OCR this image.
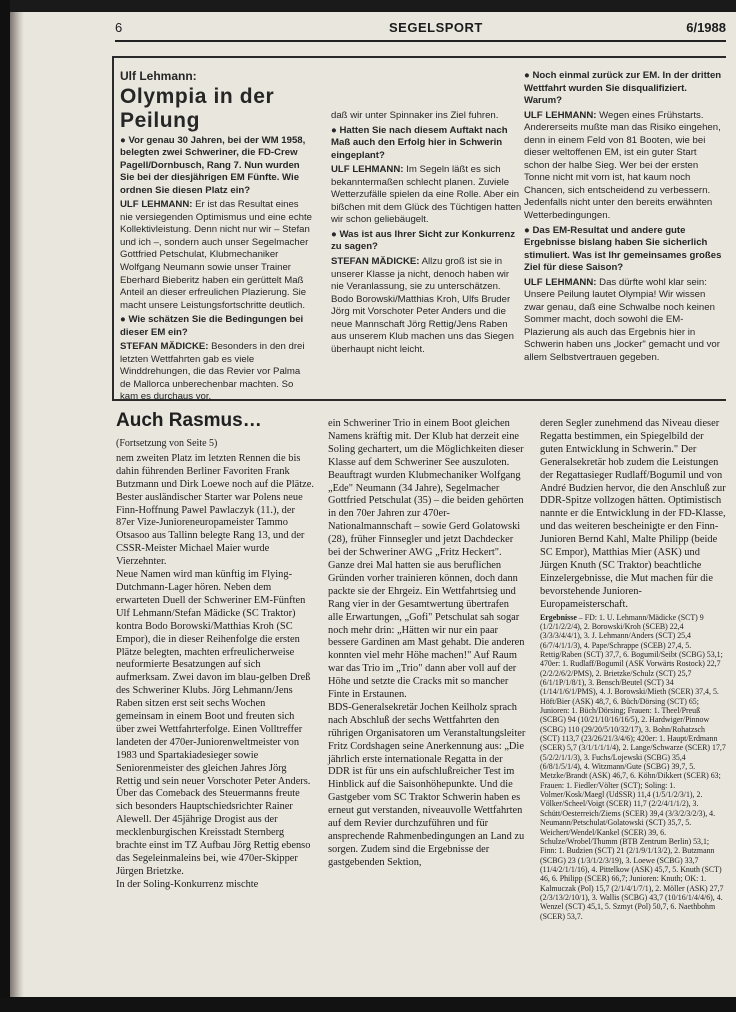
6	SEGELSPORT	6/1988

Ulf Lehmann:

Olympia in der Peilung

● Vor genau 30 Jahren, bei der WM 1958, belegten zwei Schweriner, die FD-Crew Pagell/Dornbusch, Rang 7. Nun wurden Sie bei der diesjährigen EM Fünfte. Wie ordnen Sie diesen Platz ein?

ULF LEHMANN: Er ist das Resultat eines nie versiegenden Optimismus und eine echte Kollektivleistung. Denn nicht nur wir – Stefan und ich –, sondern auch unser Segelmacher Gottfried Petschulat, Klubmechaniker Wolfgang Neumann sowie unser Trainer Eberhard Bieberitz haben ein gerüttelt Maß Anteil an dieser erfreulichen Plazierung. Sie macht unsere Leistungsfortschritte deutlich.

● Wie schätzen Sie die Bedingungen bei dieser EM ein?

STEFAN MÄDICKE: Besonders in den drei letzten Wettfahrten gab es viele Winddrehungen, die das Revier vor Palma de Mallorca unberechenbar machten. So kam es durchaus vor,

daß wir unter Spinnaker ins Ziel fuhren.

● Hatten Sie nach diesem Auftakt nach Maß auch den Erfolg hier in Schwerin eingeplant?

ULF LEHMANN: Im Segeln läßt es sich bekanntermaßen schlecht planen. Zuviele Wetterzufälle spielen da eine Rolle. Aber ein bißchen mit dem Glück des Tüchtigen hatten wir schon geliebäugelt.

● Was ist aus Ihrer Sicht zur Konkurrenz zu sagen?

STEFAN MÄDICKE: Allzu groß ist sie in unserer Klasse ja nicht, denoch haben wir nie Veranlassung, sie zu unterschätzen. Bodo Borowski/Matthias Kroh, Ulfs Bruder Jörg mit Vorschoter Peter Anders und die neue Mannschaft Jörg Rettig/Jens Raben aus unserem Klub machen uns das Siegen überhaupt nicht leicht.

● Noch einmal zurück zur EM. In der dritten Wettfahrt wurden Sie disqualifiziert. Warum?

ULF LEHMANN: Wegen eines Frühstarts. Andererseits mußte man das Risiko eingehen, denn in einem Feld von 81 Booten, wie bei dieser weltoffenen EM, ist ein guter Start schon der halbe Sieg. Wer bei der ersten Tonne nicht mit vorn ist, hat kaum noch Chancen, sich entscheidend zu verbessern. Jedenfalls nicht unter den bereits erwähnten Wetterbedingungen.

● Das EM-Resultat und andere gute Ergebnisse bislang haben Sie sicherlich stimuliert. Was ist Ihr gemeinsames großes Ziel für diese Saison?

ULF LEHMANN: Das dürfte wohl klar sein: Unsere Peilung lautet Olympia! Wir wissen zwar genau, daß eine Schwalbe noch keinen Sommer macht, doch sowohl die EM-Plazierung als auch das Ergebnis hier in Schwerin haben uns „locker" gemacht und vor allem Selbstvertrauen gegeben.

Auch Rasmus…

(Fortsetzung von Seite 5)

nem zweiten Platz im letzten Rennen die bis dahin führenden Berliner Favoriten Frank Butzmann und Dirk Loewe noch auf die Plätze. Bester ausländischer Starter war Polens neue Finn-Hoffnung Pawel Pawlaczyk (11.), der 87er Vize-Junioreneuropameister Tammo Otsasoo aus Tallinn belegte Rang 13, und der CSSR-Meister Michael Maier wurde Vierzehnter.

Neue Namen wird man künftig im Flying-Dutchmann-Lager hören. Neben dem erwarteten Duell der Schweriner EM-Fünften Ulf Lehmann/Stefan Mädicke (SC Traktor) kontra Bodo Borowski/Matthias Kroh (SC Empor), die in dieser Reihenfolge die ersten Plätze belegten, machten erfreulicherweise neuformierte Besatzungen auf sich aufmerksam. Zwei davon im blau-gelben Dreß des Schweriner Klubs. Jörg Lehmann/Jens Raben sitzen erst seit sechs Wochen gemeinsam in einem Boot und freuten sich über zwei Wettfahrterfolge. Einen Volltreffer landeten der 470er-Juniorenweltmeister von 1983 und Spartakiadesieger sowie Seniorenmeister des gleichen Jahres Jörg Rettig und sein neuer Vorschoter Peter Anders. Über das Comeback des Steuermanns freute sich besonders Hauptschiedsrichter Rainer Alewell. Der 45jährige Drogist aus der mecklenburgischen Kreisstadt Sternberg brachte einst im TZ Aufbau Jörg Rettig ebenso das Segeleinmaleins bei, wie 470er-Skipper Jürgen Brietzke.

In der Soling-Konkurrenz mischte

ein Schweriner Trio in einem Boot gleichen Namens kräftig mit. Der Klub hat derzeit eine Soling gechartert, um die Möglichkeiten dieser Klasse auf dem Schweriner See auszuloten. Beauftragt wurden Klubmechaniker Wolfgang „Ede" Neumann (34 Jahre), Segelmacher Gottfried Petschulat (35) – die beiden gehörten in den 70er Jahren zur 470er-Nationalmannschaft – sowie Gerd Golatowski (28), früher Finnsegler und jetzt Dachdecker bei der Schweriner AWG „Fritz Heckert". Ganze drei Mal hatten sie aus beruflichen Gründen vorher trainieren können, doch dann packte sie der Ehrgeiz. Ein Wettfahrtsieg und Rang vier in der Gesamtwertung übertrafen alle Erwartungen, „Gofi" Petschulat sah sogar noch mehr drin: „Hätten wir nur ein paar bessere Gardinen am Mast gehabt. Die anderen konnten viel mehr Höhe machen!" Auf Raum war das Trio im „Trio" dann aber voll auf der Höhe und setzte die Cracks mit so mancher Finte in Erstaunen.

BDS-Generalsekretär Jochen Keilholz sprach nach Abschluß der sechs Wettfahrten den rührigen Organisatoren um Veranstaltungsleiter Fritz Cordshagen seine Anerkennung aus: „Die jährlich erste internationale Regatta in der DDR ist für uns ein aufschlußreicher Test im Hinblick auf die Saisonhöhepunkte. Und die Gastgeber vom SC Traktor Schwerin haben es erneut gut verstanden, niveauvolle Wettfahrten auf dem Revier durchzuführen und für ansprechende Rahmenbedingungen an Land zu sorgen. Zudem sind die Ergebnisse der gastgebenden Sektion,

deren Segler zunehmend das Niveau dieser Regatta bestimmen, ein Spiegelbild der guten Entwicklung in Schwerin." Der Generalsekretär hob zudem die Leistungen der Regattasieger Rudlaff/Bogumil und von André Budzien hervor, die den Anschluß zur DDR-Spitze vollzogen hätten. Optimistisch nannte er die Entwicklung in der FD-Klasse, und das weiteren bescheinigte er den Finn-Junioren Bernd Kahl, Malte Philipp (beide SC Empor), Matthias Mier (ASK) und Jürgen Knuth (SC Traktor) beachtliche Einzelergebnisse, die Mut machen für die bevorstehende Junioren-Europameisterschaft.

Ergebnisse – FD: 1. U. Lehmann/Mädicke (SCT) 9 (1/2/1/2/2/4), 2. Borowski/Kroh (SCEB) 22,4 (3/3/3/4/4/1), 3. J. Lehmann/Anders (SCT) 25,4 (6/7/4/1/1/3), 4. Pape/Schrappe (SCEB) 27,4, 5. Rettig/Raben (SCT) 37,7, 6. Bogumil/Seibt (SCBG) 53,1; 470er: 1. Rudlaff/Bogumil (ASK Vorwärts Rostock) 22,7 (2/2/2/6/2/PMS), 2. Brietzke/Schulz (SCT) 25,7 (6/1/1P/1/8/1), 3. Bensch/Beutel (SCT) 34 (1/14/1/6/1/PMS), 4. J. Borowski/Mieth (SCER) 37,4, 5. Höft/Bier (ASK) 48,7, 6. Büch/Dörsing (SCT) 65; Junioren: 1. Büch/Dörsing; Frauen: 1. Theel/Preuß (SCBG) 94 (10/21/10/16/16/5), 2. Hardwiger/Pinnow (SCBG) 110 (29/20/5/10/32/17), 3. Bohn/Rohatzsch (SCT) 113,7 (23/26/21/3/4/6); 420er: 1. Haupt/Erdmann (SCER) 5,7 (3/1/1/1/1/4), 2. Lange/Schwarze (SCER) 17,7 (5/2/2/1/1/3), 3. Fuchs/Lojewski (SCBG) 35,4 (6/8/1/5/1/4), 4. Witzmann/Gute (SCBG) 39,7, 5. Metzke/Brandt (ASK) 46,7, 6. Köhn/Dikkert (SCER) 63; Frauen: 1. Fiedler/Völter (SCT); Soling: 1. Volmer/Kosk/Maegl (UdSSR) 11,4 (1/5/1/2/3/1), 2. Völker/Scheel/Voigt (SCER) 11,7 (2/2/4/1/1/2), 3. Schütt/Oesterreich/Ziems (SCER) 39,4 (3/3/2/3/2/3), 4. Neumann/Petschulat/Golatowski (SCT) 35,7, 5. Weichert/Wendel/Kankel (SCER) 39, 6. Schulze/Wrobel/Thumm (BTB Zentrum Berlin) 53,1; Finn: 1. Budzien (SCT) 21 (2/1/9/1/13/2), 2. Butzmann (SCBG) 23 (1/3/1/2/3/19), 3. Loewe (SCBG) 33,7 (11/4/2/1/1/16), 4. Pittelkow (ASK) 45,7, 5. Knuth (SCT) 46, 6. Philipp (SCER) 66,7; Junioren: Knuth; OK: 1. Kalmuczak (Pol) 15,7 (2/1/4/1/7/1), 2. Möller (ASK) 27,7 (2/3/13/2/10/1), 3. Wallis (SCBG) 43,7 (10/16/1/4/4/6), 4. Wenzel (SCT) 45,1, 5. Szmyt (Pol) 50,7, 6. Naethbohm (SCER) 53,7.
